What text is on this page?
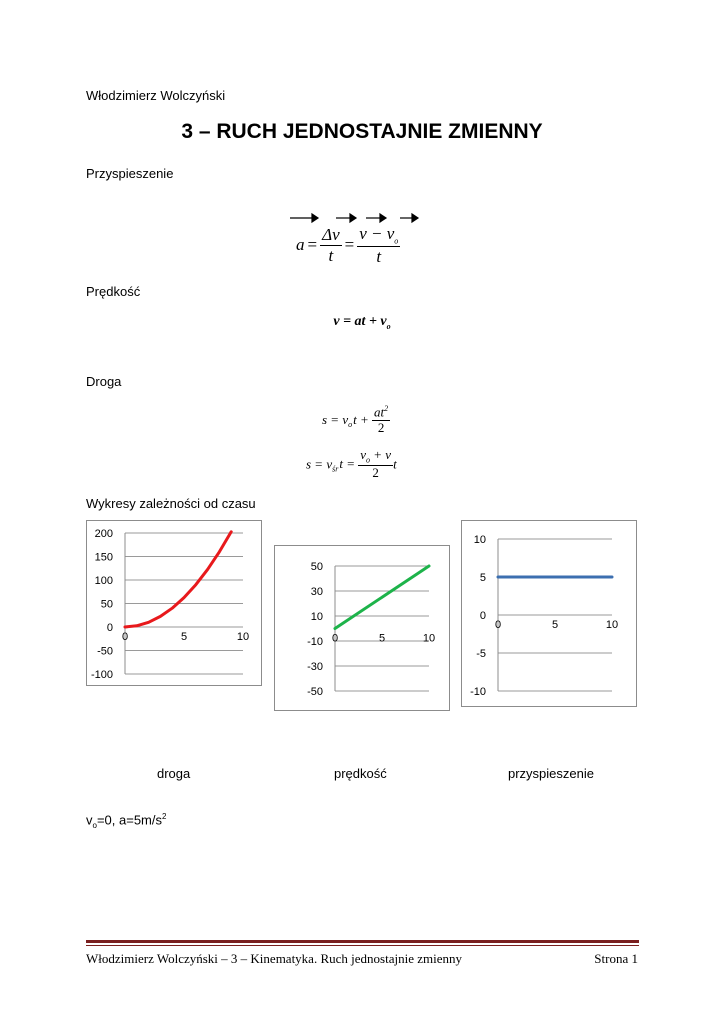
Włodzimierz Wolczyński
3 – RUCH JEDNOSTAJNIE ZMIENNY
Przyspieszenie
$a = \frac{\Delta v}{t} = \frac{v - v_o}{t}$
Prędkość
v = at + $v_o$
Droga
$s = v_ot + \frac{at^2}{2}$
$s = v_{śr}t = \frac{v_o + v}{2}$ t
Wykresy zależności od czasu
200
150
100
50
0
-50
-100
0	5	10
50
30
10
-10
-30
-50
0	5	10
10
5
0
-5
-10
0	5	10
droga	prędkość	przyspieszenie
$v_o=0$, $a=5m/s^2$
Włodzimierz Wolczyński – 3 – Kinematyka. Ruch jednostajnie zmienny	Strona 1
